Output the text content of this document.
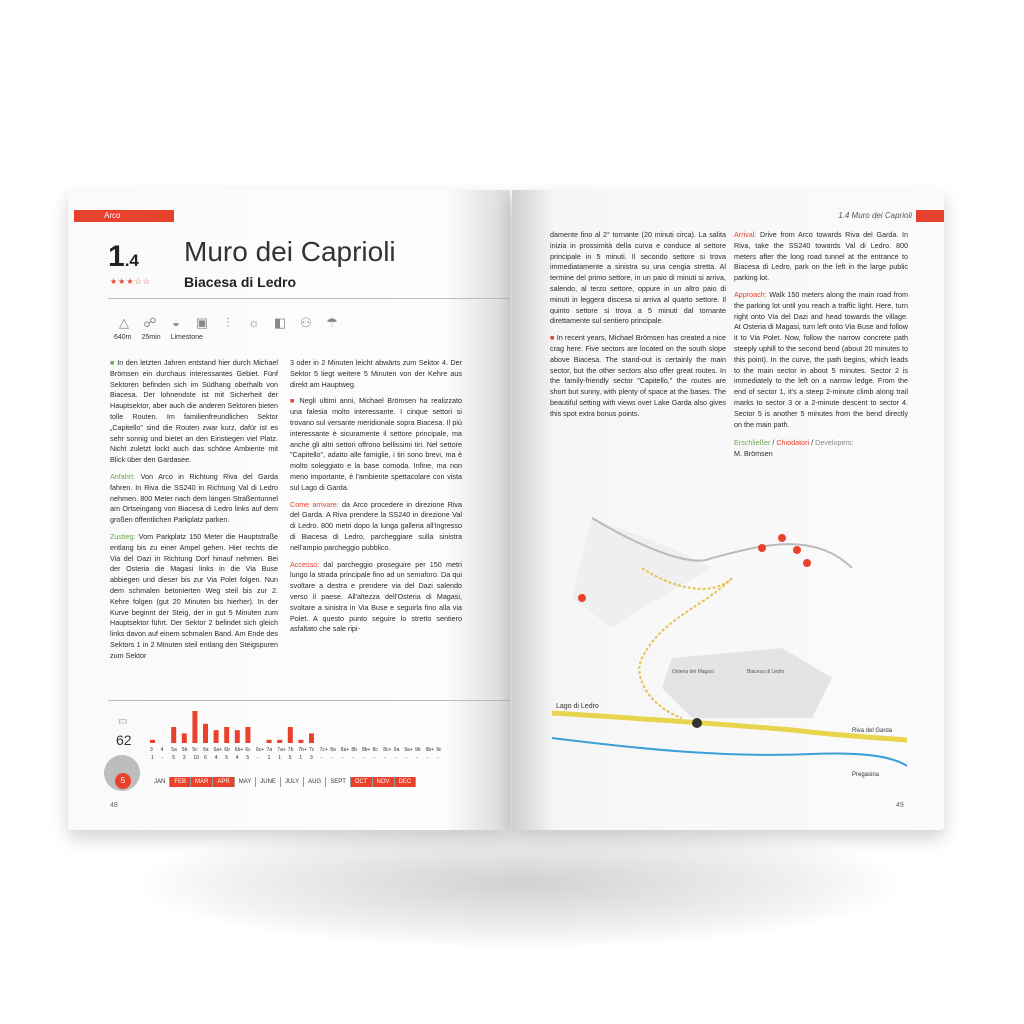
Arco
1.4
★★★☆☆
Muro dei Caprioli
Biacesa di Ledro
△ ☍	◒	▣	⫶	☼ ◧ ⚇ ☂
640m 25min Limestone

■ In den letzten Jahren entstand hier durch Michael Brömsen ein durchaus interessantes Gebiet. Fünf Sektoren befinden sich im Südhang oberhalb von Biacesa. Der lohnendste ist mit Sicherheit der Hauptsektor, aber auch die anderen Sektoren bieten tolle Routen. Im familienfreundlichen Sektor „Capitello" sind die Routen zwar kurz, dafür ist es sehr sonnig und bietet an den Einstiegen viel Platz. Nicht zuletzt lockt auch das schöne Ambiente mit Blick über den Gardasee.

Anfahrt: Von Arco in Richtung Riva del Garda fahren. In Riva die SS240 in Richtung Val di Ledro nehmen. 800 Meter nach dem langen Straßentunnel am Ortseingang von Biacesa di Ledro links auf dem großen öffentlichen Parkplatz parken.

Zustieg: Vom Parkplatz 150 Meter die Hauptstraße entlang bis zu einer Ampel gehen. Hier rechts die Via del Dazi in Richtung Dorf hinauf nehmen. Bei der Osteria die Magasi links in die Via Buse abbiegen und dieser bis zur Via Polet folgen. Nun dem schmalen betonierten Weg steil bis zur 2. Kehre folgen (gut 20 Minuten bis hierher). In der Kurve beginnt der Steig, der in gut 5 Minuten zum Hauptsektor führt. Der Sektor 2 befindet sich gleich links davon auf einem schmalen Band. Am Ende des Sektors 1 in 2 Minuten steil entlang den Steigspuren zum Sektor

3 oder in 2 Minuten leicht abwärts zum Sektor 4. Der Sektor 5 liegt weitere 5 Minuten von der Kehre aus direkt am Hauptweg.

■ Negli ultimi anni, Michael Brömsen ha realizzato una falesia molto interessante. I cinque settori si trovano sul versante meridionale sopra Biacesa. Il più interessante è sicuramente il settore principale, ma anche gli altri settori offrono bellissimi tiri. Nel settore "Capitello", adatto alle famiglie, i tiri sono brevi, ma è molto soleggiato e la base comoda. Infine, ma non meno importante, è l'ambiente spettacolare con vista sul Lago di Garda.

Come arrivare: da Arco procedere in direzione Riva del Garda. A Riva prendere la SS240 in direzione Val di Ledro. 800 metri dopo la lunga galleria all'ingresso di Biacesa di Ledro, parcheggiare sulla sinistra nell'ampio parcheggio pubblico.

Accesso: dal parcheggio proseguire per 150 metri lungo la strada principale fino ad un semaforo. Da qui svoltare a destra e prendere via del Dazi salendo verso il paese. All'altezza dell'Osteria di Magasi, svoltare a sinistra in Via Buse e seguirla fino alla via Polet. A questo punto seguire lo stretto sentiero asfaltato che sale ripi-

▭
62
5
3
1
4
-
5a
5
5b
3
5c
10
6a
6
6a+
4
6b
5
6b+
4
6c
5
6c+
-
7a
1
7a+
1
7b
5
7b+
1
7c
3
7c+
-
8a
-
8a+
-
8b
-
8b+
-
8c
-
8c+
-
9a
-
9a+
-
9b
-
9b+
-
9c
-
JAN	FEB	MAR	APR	MAY	JUNE	JULY	AUG	SEPT	OCT	NOV	DEC
48
1.4 Muro dei Caprioli

damente fino al 2° tornante (20 minuti circa). La salita inizia in prossimità della curva e conduce al settore principale in 5 minuti. Il secondo settore si trova immediatamente a sinistra su una cengia stretta. Al termine del primo settore, in un paio di minuti si arriva, salendo, al terzo settore, oppure in un altro paio di minuti in leggera discesa si arriva al quarto settore. Il quinto settore si trova a 5 minuti dal tornante direttamente sul sentiero principale.

■ In recent years, Michael Brömsen has created a nice crag here. Five sectors are located on the south slope above Biacesa. The stand-out is certainly the main sector, but the other sectors also offer great routes. In the family-friendly sector "Capitello," the routes are short but sunny, with plenty of space at the bases. The beautiful setting with views over Lake Garda also gives this spot extra bonus points.

Arrival: Drive from Arco towards Riva del Garda. In Riva, take the SS240 towards Val di Ledro. 800 meters after the long road tunnel at the entrance to Biacesa di Ledro, park on the left in the large public parking lot.

Approach: Walk 150 meters along the main road from the parking lot until you reach a traffic light. Here, turn right onto Via del Dazi and head towards the village. At Osteria di Magasi, turn left onto Via Buse and follow it to Via Polet. Now, follow the narrow concrete path steeply uphill to the second bend (about 20 minutes to this point). In the curve, the path begins, which leads to the main sector in about 5 minutes. Sector 2 is immediately to the left on a narrow ledge. From the end of sector 1, it's a steep 2-minute climb along trail marks to sector 3 or a 2-minute descent to sector 4. Sector 5 is another 5 minutes from the bend directly on the main path.

Erschließer / Chiodatori / Developers:
M. Brömsen

Lago di Ledro
Riva del Garda
Pregasina
Osteria dei Magasi	Biacesa di Ledro
49
